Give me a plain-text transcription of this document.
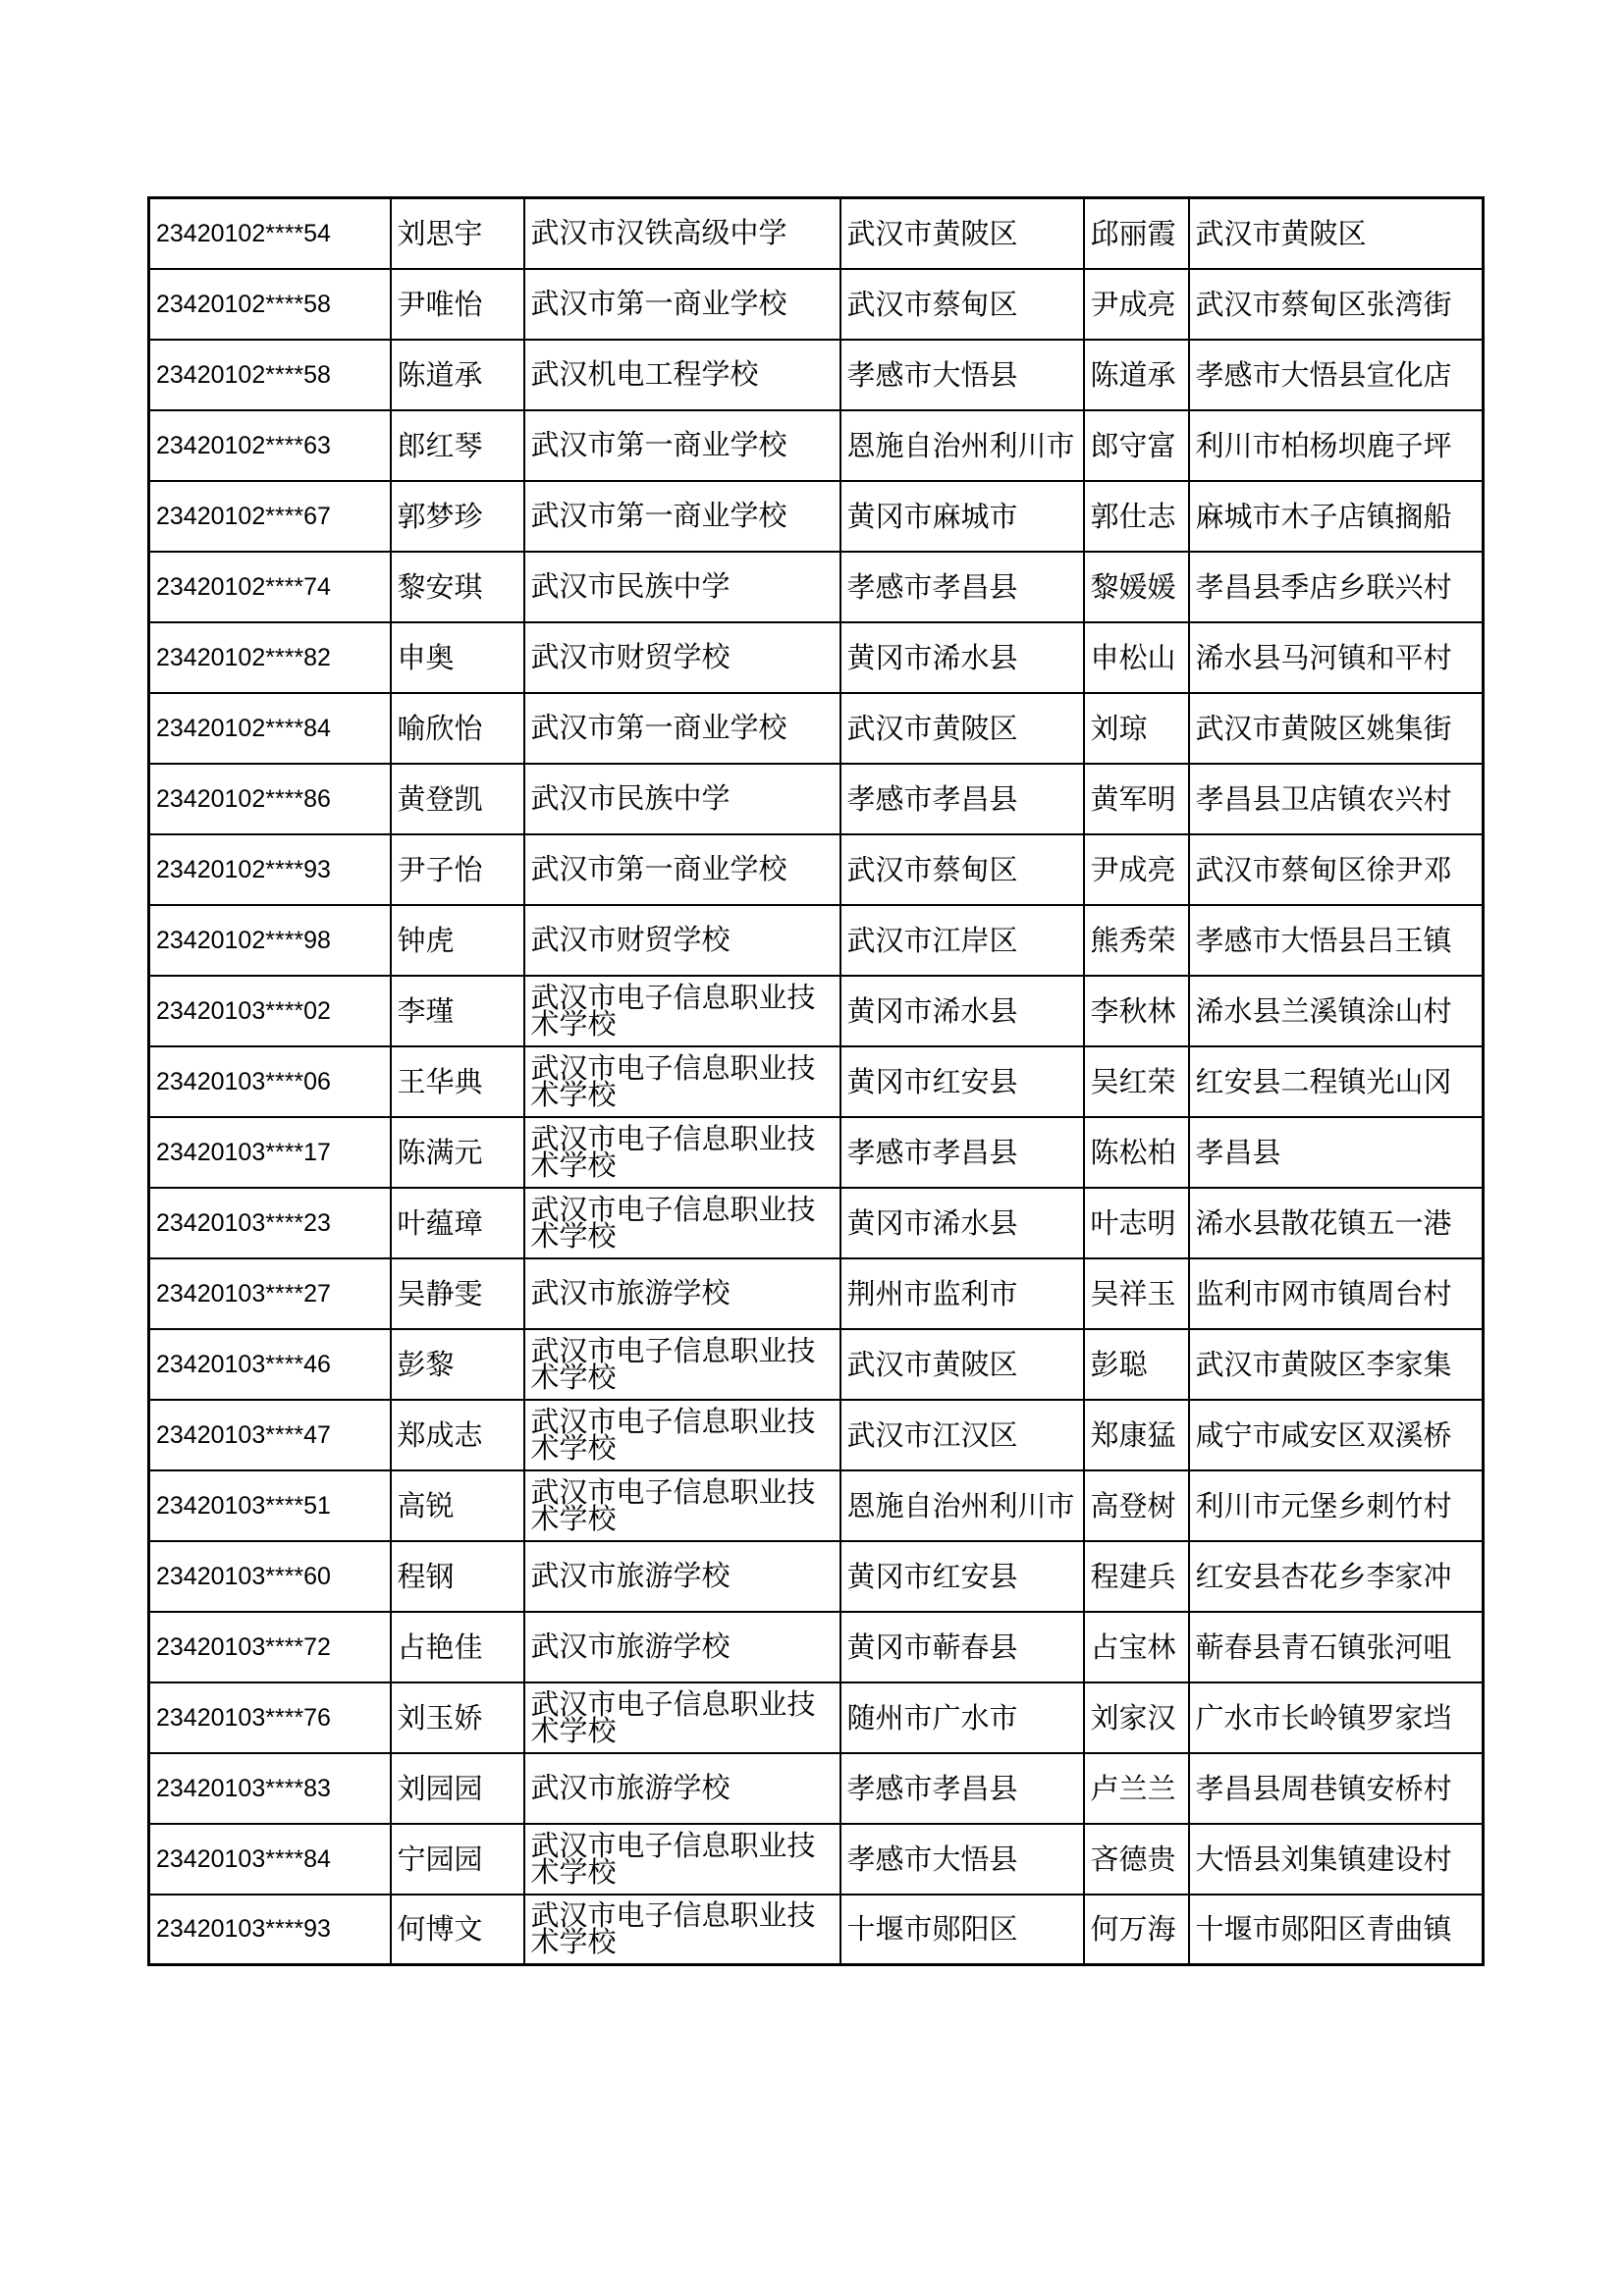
23420102****54	刘思宇	武汉市汉铁高级中学	武汉市黄陂区	邱丽霞	武汉市黄陂区
23420102****58	尹唯怡	武汉市第一商业学校	武汉市蔡甸区	尹成亮	武汉市蔡甸区张湾街
23420102****58	陈道承	武汉机电工程学校	孝感市大悟县	陈道承	孝感市大悟县宣化店
23420102****63	郎红琴	武汉市第一商业学校	恩施自治州利川市	郎守富	利川市柏杨坝鹿子坪
23420102****67	郭梦珍	武汉市第一商业学校	黄冈市麻城市	郭仕志	麻城市木子店镇搁船
23420102****74	黎安琪	武汉市民族中学	孝感市孝昌县	黎媛媛	孝昌县季店乡联兴村
23420102****82	申奥	武汉市财贸学校	黄冈市浠水县	申松山	浠水县马河镇和平村
23420102****84	喻欣怡	武汉市第一商业学校	武汉市黄陂区	刘琼	武汉市黄陂区姚集街
23420102****86	黄登凯	武汉市民族中学	孝感市孝昌县	黄军明	孝昌县卫店镇农兴村
23420102****93	尹子怡	武汉市第一商业学校	武汉市蔡甸区	尹成亮	武汉市蔡甸区徐尹邓
23420102****98	钟虎	武汉市财贸学校	武汉市江岸区	熊秀荣	孝感市大悟县吕王镇
23420103****02	李瑾	武汉市电子信息职业技术学校	黄冈市浠水县	李秋林	浠水县兰溪镇涂山村
23420103****06	王华典	武汉市电子信息职业技术学校	黄冈市红安县	吴红荣	红安县二程镇光山冈
23420103****17	陈满元	武汉市电子信息职业技术学校	孝感市孝昌县	陈松柏	孝昌县
23420103****23	叶蕴璋	武汉市电子信息职业技术学校	黄冈市浠水县	叶志明	浠水县散花镇五一港
23420103****27	吴静雯	武汉市旅游学校	荆州市监利市	吴祥玉	监利市网市镇周台村
23420103****46	彭黎	武汉市电子信息职业技术学校	武汉市黄陂区	彭聪	武汉市黄陂区李家集
23420103****47	郑成志	武汉市电子信息职业技术学校	武汉市江汉区	郑康猛	咸宁市咸安区双溪桥
23420103****51	高锐	武汉市电子信息职业技术学校	恩施自治州利川市	高登树	利川市元堡乡刺竹村
23420103****60	程钢	武汉市旅游学校	黄冈市红安县	程建兵	红安县杏花乡李家冲
23420103****72	占艳佳	武汉市旅游学校	黄冈市蕲春县	占宝林	蕲春县青石镇张河咀
23420103****76	刘玉娇	武汉市电子信息职业技术学校	随州市广水市	刘家汉	广水市长岭镇罗家垱
23420103****83	刘园园	武汉市旅游学校	孝感市孝昌县	卢兰兰	孝昌县周巷镇安桥村
23420103****84	宁园园	武汉市电子信息职业技术学校	孝感市大悟县	吝德贵	大悟县刘集镇建设村
23420103****93	何博文	武汉市电子信息职业技术学校	十堰市郧阳区	何万海	十堰市郧阳区青曲镇
